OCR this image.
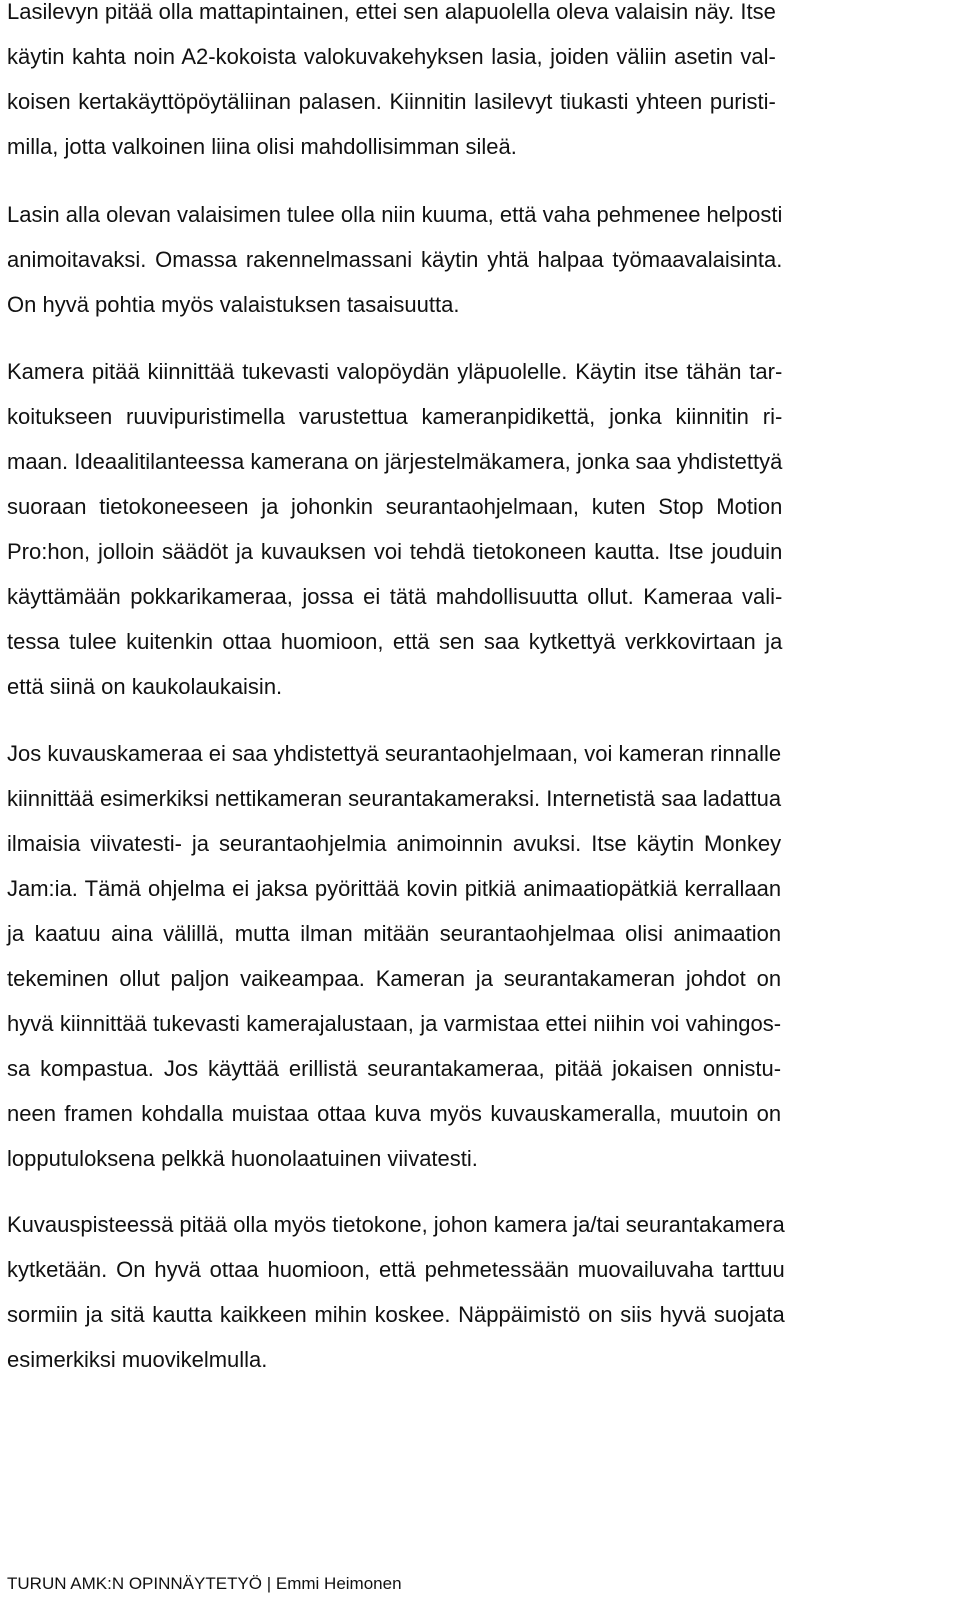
Lasilevyn pitää olla mattapintainen, ettei sen alapuolella oleva valaisin näy. Itse
käytin kahta noin A2-kokoista valokuvakehyksen lasia, joiden väliin asetin val-
koisen kertakäyttöpöytäliinan palasen. Kiinnitin lasilevyt tiukasti yhteen puristi-
milla, jotta valkoinen liina olisi mahdollisimman sileä.

Lasin alla olevan valaisimen tulee olla niin kuuma, että vaha pehmenee helposti
animoitavaksi. Omassa rakennelmassani käytin yhtä halpaa työmaavalaisinta.
On hyvä pohtia myös valaistuksen tasaisuutta.

Kamera pitää kiinnittää tukevasti valopöydän yläpuolelle. Käytin itse tähän tar-
koitukseen ruuvipuristimella varustettua kameranpidikettä, jonka kiinnitin ri-
maan. Ideaalitilanteessa kamerana on järjestelmäkamera, jonka saa yhdistettyä
suoraan tietokoneeseen ja johonkin seurantaohjelmaan, kuten Stop Motion
Pro:hon, jolloin säädöt ja kuvauksen voi tehdä tietokoneen kautta. Itse jouduin
käyttämään pokkarikameraa, jossa ei tätä mahdollisuutta ollut. Kameraa vali-
tessa tulee kuitenkin ottaa huomioon, että sen saa kytkettyä verkkovirtaan ja
että siinä on kaukolaukaisin.

Jos kuvauskameraa ei saa yhdistettyä seurantaohjelmaan, voi kameran rinnalle
kiinnittää esimerkiksi nettikameran seurantakameraksi. Internetistä saa ladattua
ilmaisia viivatesti- ja seurantaohjelmia animoinnin avuksi. Itse käytin Monkey
Jam:ia. Tämä ohjelma ei jaksa pyörittää kovin pitkiä animaatiopätkiä kerrallaan
ja kaatuu aina välillä, mutta ilman mitään seurantaohjelmaa olisi animaation
tekeminen ollut paljon vaikeampaa. Kameran ja seurantakameran johdot on
hyvä kiinnittää tukevasti kamerajalustaan, ja varmistaa ettei niihin voi vahingos-
sa kompastua. Jos käyttää erillistä seurantakameraa, pitää jokaisen onnistu-
neen framen kohdalla muistaa ottaa kuva myös kuvauskameralla, muutoin on
lopputuloksena pelkkä huonolaatuinen viivatesti.

Kuvauspisteessä pitää olla myös tietokone, johon kamera ja/tai seurantakamera
kytketään. On hyvä ottaa huomioon, että pehmetessään muovailuvaha tarttuu
sormiin ja sitä kautta kaikkeen mihin koskee. Näppäimistö on siis hyvä suojata
esimerkiksi muovikelmulla.

TURUN AMK:N OPINNÄYTETYÖ | Emmi Heimonen
